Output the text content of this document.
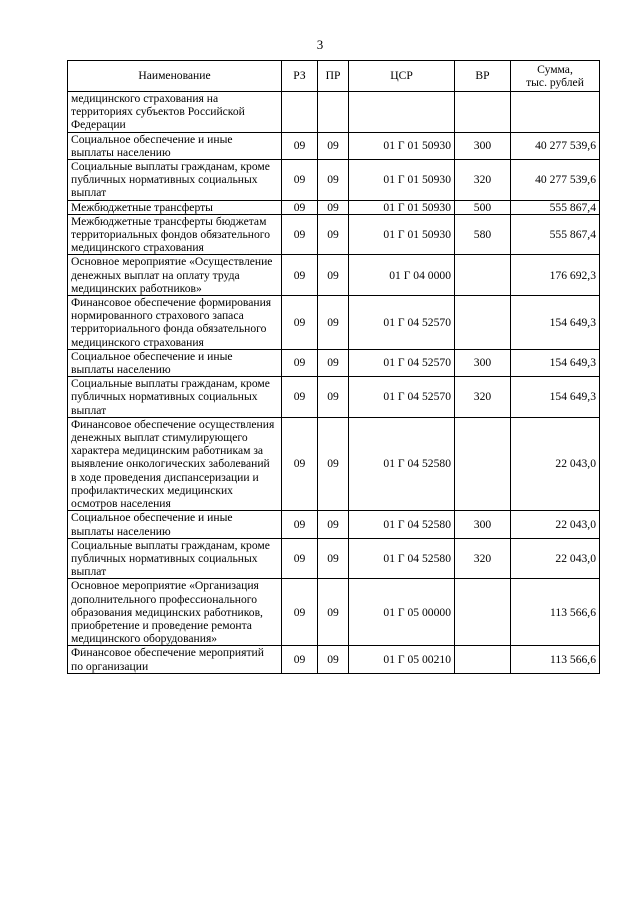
3
Наименование	РЗ	ПР	ЦСР	ВР	Сумма,
тыс. рублей
медицинского страхования на территориях субъектов Российской Федерации					
Социальное обеспечение и иные выплаты населению	09	09	01 Г 01 50930	300	40 277 539,6
Социальные выплаты гражданам, кроме публичных нормативных социальных выплат	09	09	01 Г 01 50930	320	40 277 539,6
Межбюджетные трансферты	09	09	01 Г 01 50930	500	555 867,4
Межбюджетные трансферты бюджетам территориальных фондов обязательного медицинского страхования	09	09	01 Г 01 50930	580	555 867,4
Основное мероприятие «Осуществление денежных выплат на оплату труда медицинских работников»	09	09	01 Г 04 0000		176 692,3
Финансовое обеспечение формирования нормированного страхового запаса территориального фонда обязательного медицинского страхования	09	09	01 Г 04 52570		154 649,3
Социальное обеспечение и иные выплаты населению	09	09	01 Г 04 52570	300	154 649,3
Социальные выплаты гражданам, кроме публичных нормативных социальных выплат	09	09	01 Г 04 52570	320	154 649,3
Финансовое обеспечение осуществления денежных выплат стимулирующего характера медицинским работникам за выявление онкологических заболеваний в ходе проведения диспансеризации и профилактических медицинских осмотров населения	09	09	01 Г 04 52580		22 043,0
Социальное обеспечение и иные выплаты населению	09	09	01 Г 04 52580	300	22 043,0
Социальные выплаты гражданам, кроме публичных нормативных социальных выплат	09	09	01 Г 04 52580	320	22 043,0
Основное мероприятие «Организация дополнительного профессионального образования медицинских работников, приобретение и проведение ремонта медицинского оборудования»	09	09	01 Г 05 00000		113 566,6
Финансовое обеспечение мероприятий по организации	09	09	01 Г 05 00210		113 566,6
